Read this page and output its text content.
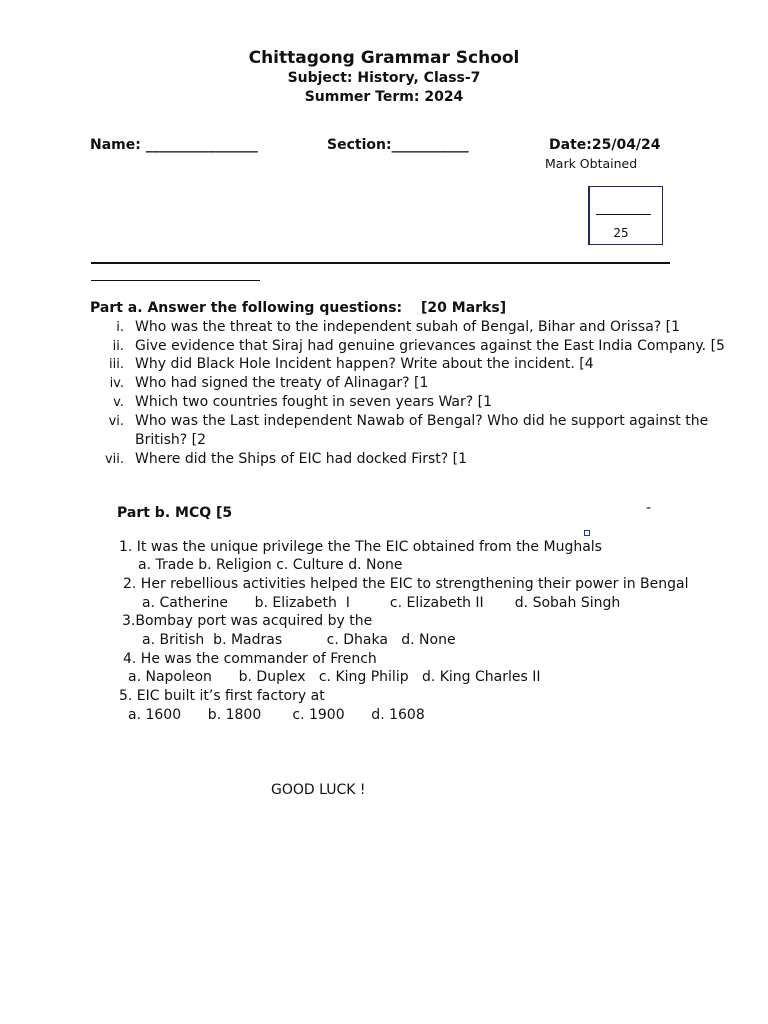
Chittagong Grammar School
Subject: History, Class-7
Summer Term: 2024
Name: ________________	Section:___________	Date:25/04/24
Mark Obtained
25
Part a. Answer the following questions: [20 Marks]
i. Who was the threat to the independent subah of Bengal, Bihar and Orissa? [1
ii. Give evidence that Siraj had genuine grievances against the East India Company. [5
iii. Why did Black Hole Incident happen? Write about the incident. [4
iv. Who had signed the treaty of Alinagar? [1
v. Which two countries fought in seven years War? [1
vi. Who was the Last independent Nawab of Bengal? Who did he support against the
British? [2
vii. Where did the Ships of EIC had docked First? [1
Part b. MCQ [5	-
1. It was the unique privilege the The EIC obtained from the Mughals
a. Trade b. Religion c. Culture d. None
2. Her rebellious activities helped the EIC to strengthening their power in Bengal
a. Catherine      b. Elizabeth  I         c. Elizabeth II       d. Sobah Singh
3.Bombay port was acquired by the
a. British  b. Madras          c. Dhaka   d. None
4. He was the commander of French
a. Napoleon      b. Duplex   c. King Philip   d. King Charles II
5. EIC built it’s first factory at
a. 1600      b. 1800       c. 1900      d. 1608
GOOD LUCK !
